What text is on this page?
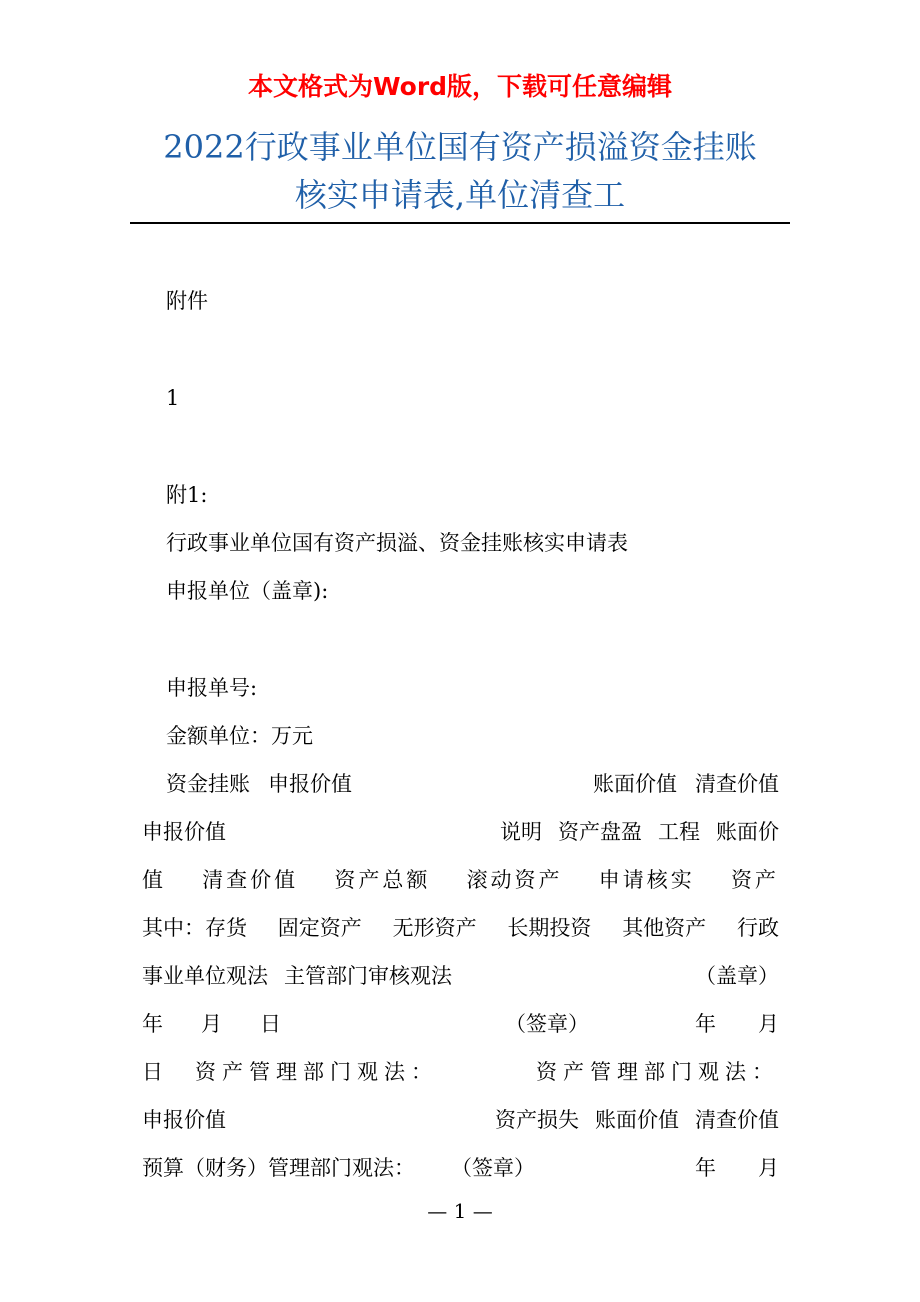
本文格式为Word版，下载可任意编辑
2022行政事业单位国有资产损溢资金挂账
核实申请表,单位清查工
附件
1
附1:
行政事业单位国有资产损溢、资金挂账核实申请表
申报单位（盖章):
申报单号:
金额单位：万元
资金挂账 申报价值	账面价值 清查价值
申报价值	说明 资产盘盈 工程 账面价
值 清查价值 资产总额 滚动资产 申请核实 资产
其中：存货 固定资产 无形资产 长期投资 其他资产 行政
事业单位观法 主管部门审核观法	（盖章）
年 月 日	（签章）	年 月
日 资产管理部门观法：	资产管理部门观法：
申报价值	资产损失 账面价值 清查价值
预算（财务）管理部门观法： （签章）	年 月
— 1 —
